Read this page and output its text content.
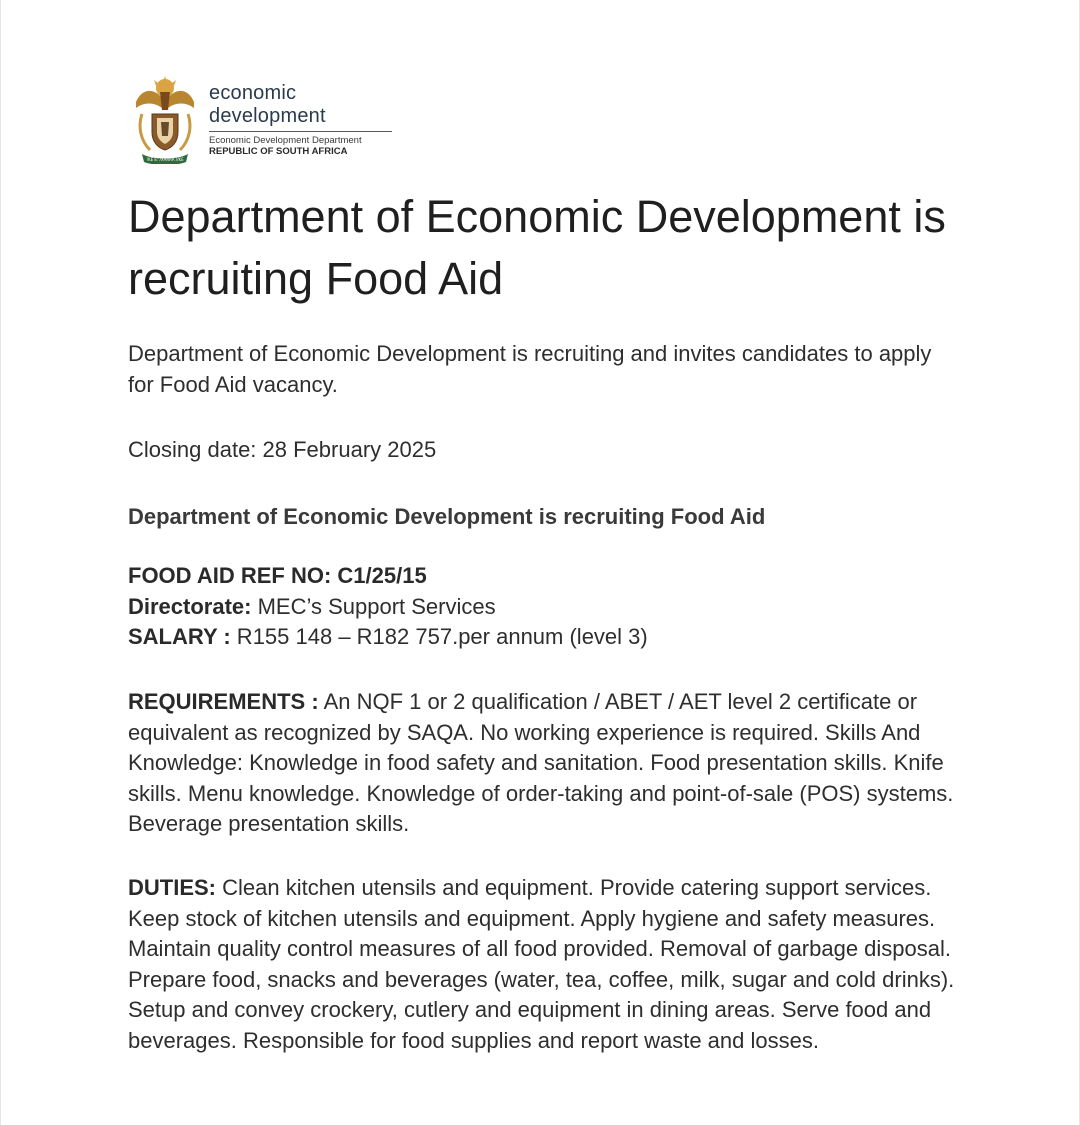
!KE E: /XARRA //KE
economic
development
Economic Development Department
REPUBLIC OF SOUTH AFRICA
Department of Economic Development is recruiting Food Aid

Department of Economic Development is recruiting and invites candidates to apply for Food Aid vacancy.

Closing date: 28 February 2025

Department of Economic Development is recruiting Food Aid

FOOD AID REF NO: C1/25/15
Directorate: MEC’s Support Services
SALARY : R155 148 – R182 757.per annum (level 3)

REQUIREMENTS : An NQF 1 or 2 qualification / ABET / AET level 2 certificate or equivalent as recognized by SAQA. No working experience is required. Skills And Knowledge: Knowledge in food safety and sanitation. Food presentation skills. Knife skills. Menu knowledge. Knowledge of order-taking and point-of-sale (POS) systems. Beverage presentation skills.

DUTIES: Clean kitchen utensils and equipment. Provide catering support services. Keep stock of kitchen utensils and equipment. Apply hygiene and safety measures. Maintain quality control measures of all food provided. Removal of garbage disposal. Prepare food, snacks and beverages (water, tea, coffee, milk, sugar and cold drinks). Setup and convey crockery, cutlery and equipment in dining areas. Serve food and beverages. Responsible for food supplies and report waste and losses.
